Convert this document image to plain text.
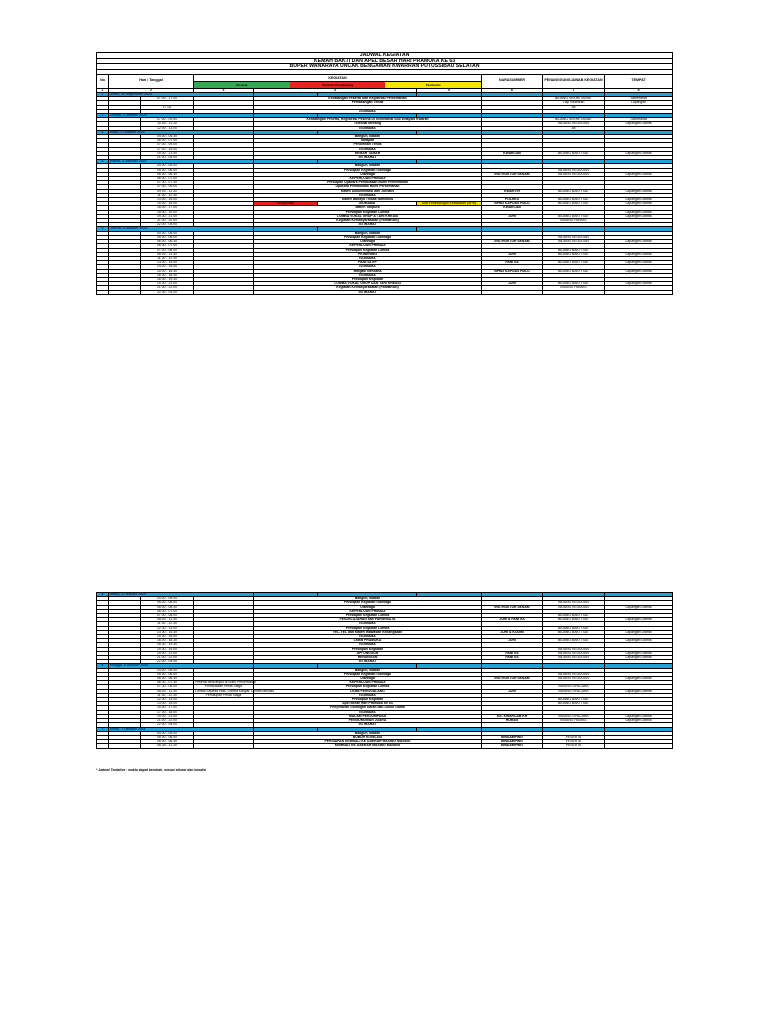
JADWAL KEGIATAN									
KEMAH BAKTI DAN APEL BESAR HARI PRAMUKA KE 63									
BUPER WANARAYA UNCAK BENGAWAN KWARRAN PUTUSSIBAU SELATAN									

No	Hari / Tanggal		KEGIATAN
Peserta Pembina Pendamping Pembantu				NARASUMBER	PENANGGUNGJAWAB KEGIATAN	TEMPAT
1	2		3	4		5	6	7	8
1	Senin, 30 September 2024								
		07.00 - 17.00		Kedatangan Peserta Dan Registrasi Perkemahan				BIDANG SEKRETARIAT	Sekretariat
				Pemasangan Tenda				Tiap Kwartiran	Lapangan
		17.00						All	
				ISOMAMA					
2	Selasa, 1 Oktober 2024								
		07.00 - 09.00		Kedatangan Peserta, Registrasi Peserta Di Sekretariat Sub Wilayah/ Kwaran				BIDANG SEKRETARIAT	Sekretariat
		10.00 - 11.30		Tolechai Meeting				BIDANG KEGIATAN	Lapangan Utama
		12.00 - 13.00		ISOMAMA				All	
3	Rabu, 2 Oktober 2024								
		04.00 - 05.30		Bangun, Ibadah					
		06.00 - 07.00		Sarapan					
		07.00 - 09.00		Pendirikan Tenda					
		17.00 - 19.00		ISOMAMA					
		19.30 - 21.00		REMAH TAMAH			KWARCAB	BIDANG BAKTI SAT	Lapangan Utama
		21.00 - 04.00		ISTIRAHAT					
4	Kamis, 3 Oktober 2024								
		04.00 - 05.00		Bangun, Ibadah					
		05.00 - 06.00		Persiapan Kegiatan Olahraga				BIDANG KEGIATAN	
		06.00 - 06.30		Olahraga			INSTRUKTUR SENAM	BIDANG KEGIATAN	Lapangan Utama
		06.30 - 07.00		KEPERLUAN PRIBADI					
		07.00 - 07.30		Persiapan Upacara Pembukaan Bumi Perkemahan					
		07.30 - 09.00		Upacara Pembukaan Bumi Perkemahan					
		09.00 - 11.30		Materi Dokumentasi dan Jurnalis			KWARTIR	BIDANG BAKTI SAT	Lapangan Utama
		11.30 - 12.30		ISOMAMA					
		13.00 - 15.00		Materi Bahaya Tindak Narkotika			POLRES	BIDANG BAKTI SAT	Lapangan Utama
		15.00 - 16.00		Penyuluhan	ISOMAMA	Alat Perlindungan Kebakaran (APB)	BPBD KAPUAS HULU	BIDANG BAKTI SAT	Lapangan Utama
		16.00 - 17.00		Materi Tanpura			KWARCAB		
		18.00 - 19.00		Persiapan Kegiatan Lomba					Lapangan Utama
		19.30 - 21.00		LOMBA VOKAL GRUP & TARI KREASI			JURI	BIDANG BAKTI SAT	Lapangan Utama
		21.00 - 22.00		Kegiatan Kemasyarakatan (PAMBRAN)				BIDANG HUMAS	
		22.00 - 04.00		ISTIRAHAT					
5	Jum'at, 4 Oktober 2024								
		04.00 - 05.00		Bangun, Ibadah					
		05.00 - 06.00		Persiapan Kegiatan Olahraga				BIDANG KEGIATAN	
		06.00 - 06.30		Olahraga			INSTRUKTUR SENAM	BIDANG KEGIATAN	Lapangan Utama
		06.30 - 07.00		KEPERLUAN PRIBADI					
		07.00 - 08.00		Persiapan Kegiatan Lomba				BIDANG BAKTI SAT	
		08.00 - 11.30		PIONERING			JURI	BIDANG BAKTI SAT	Lapangan Utama
		11.30 - 12.30		ISOMAMA					
		13.00 - 14.00		PANITIA EP			PANITIA	BIDANG BAKTI SAT	Lapangan Utama
		14.00 - 15.00		ISOMAMA					
		15.00 - 16.30		Mitigasi Bencana			BPBD KAPUAS HULU	BIDANG BAKTI SAT	Lapangan Utama
		16.30 - 18.30		ISOMAMA					
		18.30 - 19.30		Persiapan Kegiatan					
		19.30 - 21.00		LOMBA VOKAL GRUP DAN TARI KREASI			JURI	BIDANG BAKTI SAT	Lapangan Utama
		21.00 - 22.00		Kegiatan Kemasyarakatan (PAMBRAN)				BIDANG HUMAS	
		22.00 - 04.00		ISTIRAHAT					
6	Sabtu, 5 Oktober 2024								
		04.00 - 05.00		Bangun, Ibadah					
		05.00 - 06.00		Persiapan Kegiatan Olahraga				BIDANG KEGIATAN	
		06.00 - 06.30		Olahraga			INSTRUKTUR SENAM	BIDANG KEGIATAN	Lapangan Utama
		06.30 - 07.00		KEPERLUAN PRIBADI					
		07.00 - 08.00		Persiapan Kegiatan Lomba				BIDANG BAKTI SAT	
		08.00 - 11.30		PENJELAJAHAN dan PARIWISATA			JURI & PANITIA	BIDANG BAKTI SAT	Lapangan Utama
		11.30 - 12.30		ISOMAMA					
		12.30 - 13.00		Persiapan Kegiatan Lomba				BIDANG BAKTI SAT	
		13.00 - 15.30		YEL-YEL dan Materi Wawasan Kebangsaan			JURI & KODIM	BIDANG BAKTI SAT	Lapangan Utama
		15.30 - 16.00		ISOMAMA					
		16.00 - 18.30		LKBB PRAMUKA			JURI	BIDANG BAKTI SAT	Lapangan Utama
		18.30 - 19.30		ISOMAMA					
		19.30 - 19.00		Persiapan Kegiatan				BIDANG KEGIATAN	
		19.00 - 21.00		API UNGGUN			PANITIA	BIDANG KEGIATAN	Lapangan Utama
		21.00 - 22.00		RENUNGAN			PANITIA	BIDANG KEGIATAN	Lapangan Utama
		22.00 - 04.00		ISTIRAHAT					
6	Minggu, 6 Oktober 2024								
		04.00 - 05.00		Bangun, Ibadah					
		05.00 - 06.00		Persiapan Kegiatan Olahraga				BIDANG KEGIATAN	
		06.00 - 06.30		Olahraga			INSTRUKTUR SENAM	BIDANG KEGIATAN	Lapangan Utama
		06.30 - 07.30	Peserta Berkumpul di Bumi Perkemahan	KEPERLUAN PRIBADI					
		07.30 - 08.00	Pembukaan Pesta Siaga	Persiapan Kegiatan Lomba				BIDANG UPACARA	
		08.00 - 11.30	Lomba Sepeda Hias, Lomba Kasyar, Lomba Melukis	LKBB PENGGALANG			JURI	BIDANG UPACARA	Lapangan Utama
		11.30 - 12.30	Penutupan Pesta Siaga	ISOMAMA					
		12.30 - 13.00		Persiapan Kegiatan				BIDANG BAKTI SAT	
		13.00 - 15.00		Apel Besar Hari Pramuka Ke 63				BIDANG BAKTI SAT	
		15.00 - 17.00		Penyerahan Golongan Darah dan Donor Darah					
		17.00 - 18.00		ISOMAMA					
		19.00 - 21.00		MALAM PERJUMPAAN			KA. KWARCAB KH	BIDANG UPACARA	Lapangan Utama
		21.00 - 22.00		PENGUMUMAN JUARA			HUMAS	BIDANG HUMAS	Lapangan Utama
		22.00 - 04.00		ISTIRAHAT					
7	Senin, 7 Oktober 2024								
		04.00 - 05.00		Bangun, Ibadah					
		05.00 - 06.00		BUBUR KONILASI			BINDAMPING	PESERTA	
		06.00 - 06.30		PERSIAPAN KEMBALI KE DAERAH MASING MASING			BINDAMPING	PESERTA	
		06.30 - 11.30		KEMBALI KE DAERAH MASING MASING			BINDAMPING	PESERTA	
* Jadwal Tentative : waktu dapat berubah, sesuai situasi dan kondisi
